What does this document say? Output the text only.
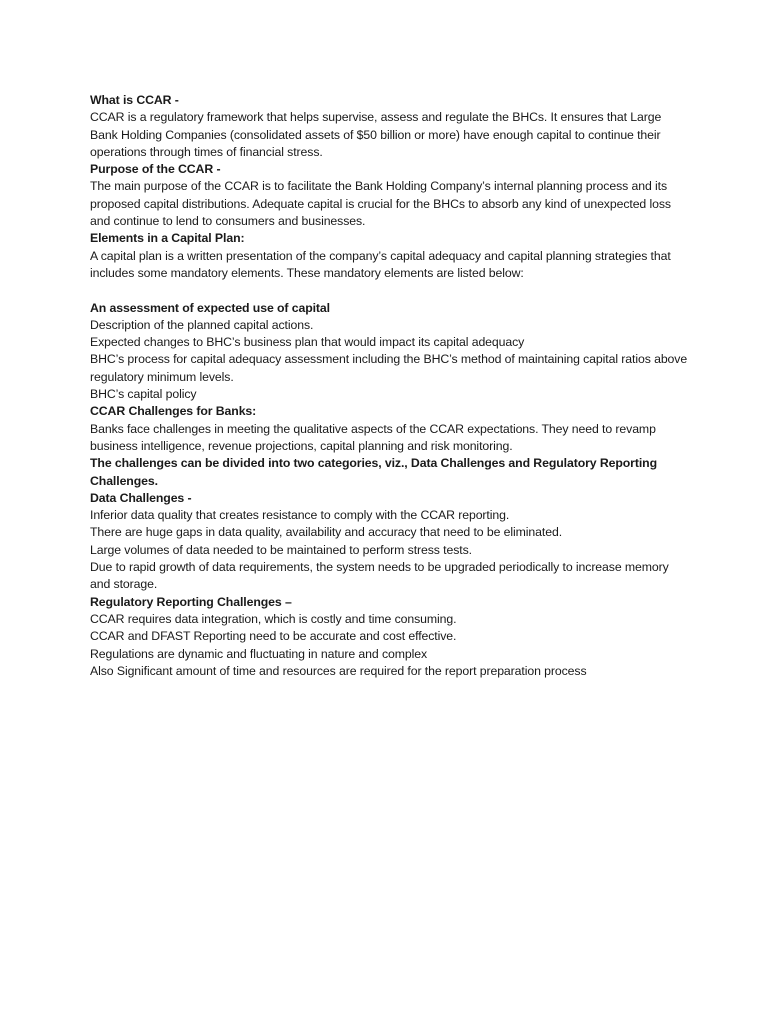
What is CCAR -

CCAR is a regulatory framework that helps supervise, assess and regulate the BHCs. It ensures that Large Bank Holding Companies (consolidated assets of $50 billion or more) have enough capital to continue their operations through times of financial stress.

Purpose of the CCAR -

The main purpose of the CCAR is to facilitate the Bank Holding Company’s internal planning process and its proposed capital distributions. Adequate capital is crucial for the BHCs to absorb any kind of unexpected loss and continue to lend to consumers and businesses.

Elements in a Capital Plan:

A capital plan is a written presentation of the company’s capital adequacy and capital planning strategies that includes some mandatory elements. These mandatory elements are listed below:

An assessment of expected use of capital

Description of the planned capital actions.

Expected changes to BHC’s business plan that would impact its capital adequacy

BHC’s process for capital adequacy assessment including the BHC’s method of maintaining capital ratios above regulatory minimum levels.

BHC’s capital policy

CCAR Challenges for Banks:

Banks face challenges in meeting the qualitative aspects of the CCAR expectations. They need to revamp business intelligence, revenue projections, capital planning and risk monitoring.

The challenges can be divided into two categories, viz., Data Challenges and Regulatory Reporting Challenges.

Data Challenges -

Inferior data quality that creates resistance to comply with the CCAR reporting.

There are huge gaps in data quality, availability and accuracy that need to be eliminated.

Large volumes of data needed to be maintained to perform stress tests.

Due to rapid growth of data requirements, the system needs to be upgraded periodically to increase memory and storage.

Regulatory Reporting Challenges –

CCAR requires data integration, which is costly and time consuming.

CCAR and DFAST Reporting need to be accurate and cost effective.

Regulations are dynamic and fluctuating in nature and complex

Also Significant amount of time and resources are required for the report preparation process
